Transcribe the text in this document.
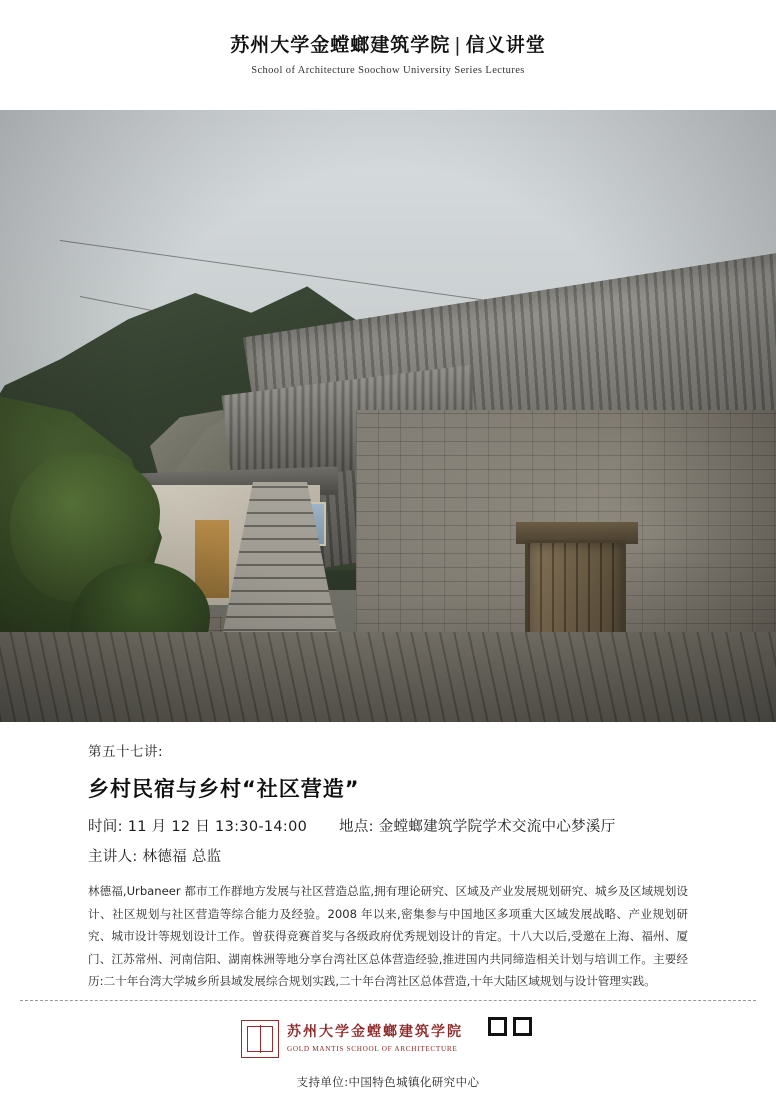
苏州大学金螳螂建筑学院 | 信义讲堂
School of Architecture Soochow University Series Lectures
第五十七讲:
乡村民宿与乡村“社区营造”
时间: 11 月 12 日 13:30-14:00 地点: 金螳螂建筑学院学术交流中心梦溪厅
主讲人: 林德福 总监
林德福,Urbaneer 都市工作群地方发展与社区营造总监,拥有理论研究、区域及产业发展规划研究、城乡及区域规划设计、社区规划与社区营造等综合能力及经验。2008 年以来,密集参与中国地区多项重大区域发展战略、产业规划研究、城市设计等规划设计工作。曾获得竞赛首奖与各级政府优秀规划设计的肯定。十八大以后,受邀在上海、福州、厦门、江苏常州、河南信阳、湖南株洲等地分享台湾社区总体营造经验,推进国内共同缔造相关计划与培训工作。主要经历:二十年台湾大学城乡所县域发展综合规划实践,二十年台湾社区总体营造,十年大陆区域规划与设计管理实践。
苏州大学金螳螂建筑学院
GOLD MANTIS SCHOOL OF ARCHITECTURE
支持单位:中国特色城镇化研究中心
